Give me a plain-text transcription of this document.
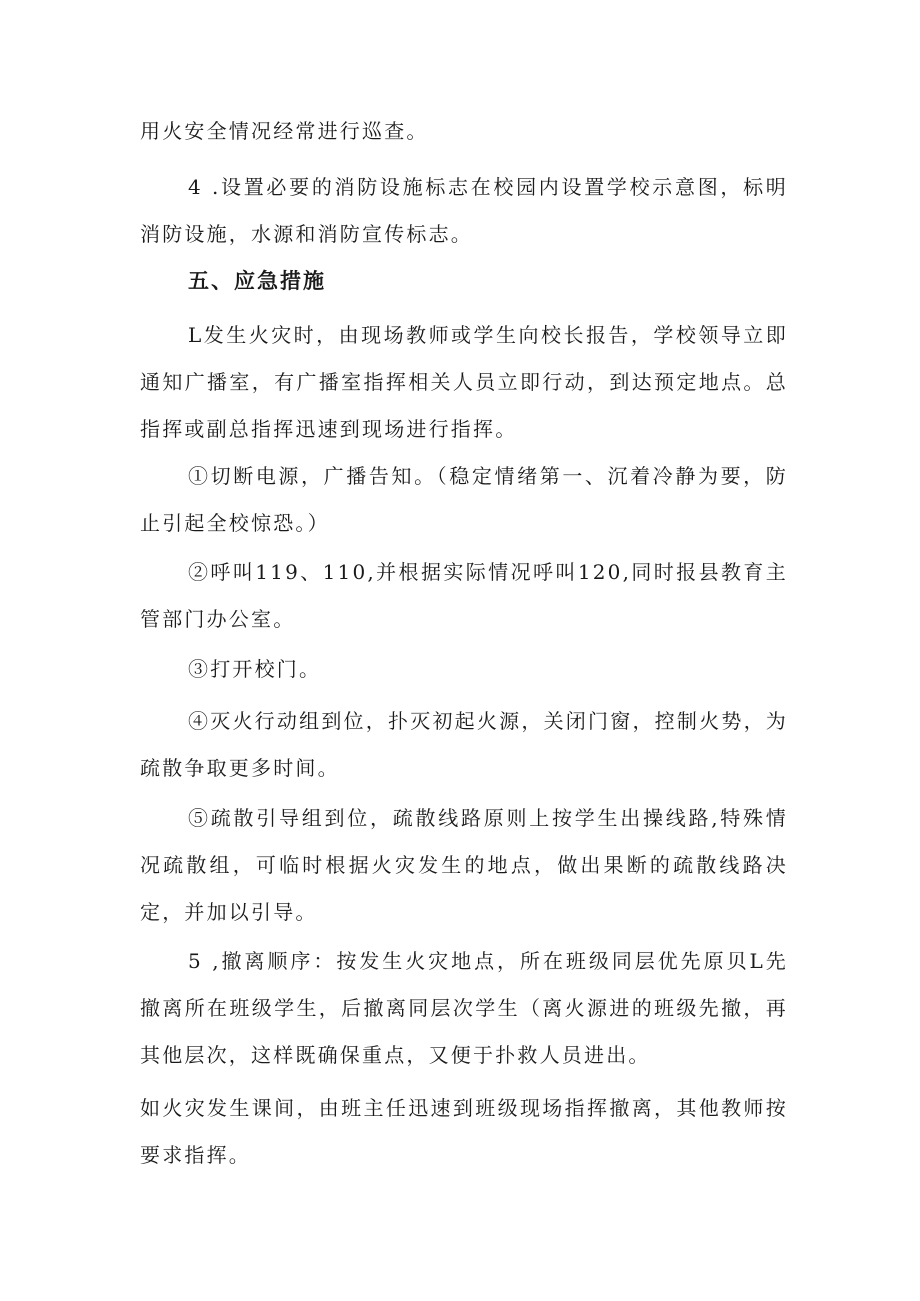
用火安全情况经常进行巡查。

4 .设置必要的消防设施标志在校园内设置学校示意图，标明消防设施，水源和消防宣传标志。

五、应急措施

L发生火灾时，由现场教师或学生向校长报告，学校领导立即通知广播室，有广播室指挥相关人员立即行动，到达预定地点。总指挥或副总指挥迅速到现场进行指挥。

①切断电源，广播告知。（稳定情绪第一、沉着冷静为要，防止引起全校惊恐。）

②呼叫119、110,并根据实际情况呼叫120,同时报县教育主管部门办公室。

③打开校门。

④灭火行动组到位，扑灭初起火源，关闭门窗，控制火势，为疏散争取更多时间。

⑤疏散引导组到位，疏散线路原则上按学生出操线路,特殊情况疏散组，可临时根据火灾发生的地点，做出果断的疏散线路决定，并加以引导。

5 ,撤离顺序：按发生火灾地点，所在班级同层优先原贝L先撤离所在班级学生，后撤离同层次学生（离火源进的班级先撤，再其他层次，这样既确保重点，又便于扑救人员进出。

如火灾发生课间，由班主任迅速到班级现场指挥撤离，其他教师按要求指挥。
